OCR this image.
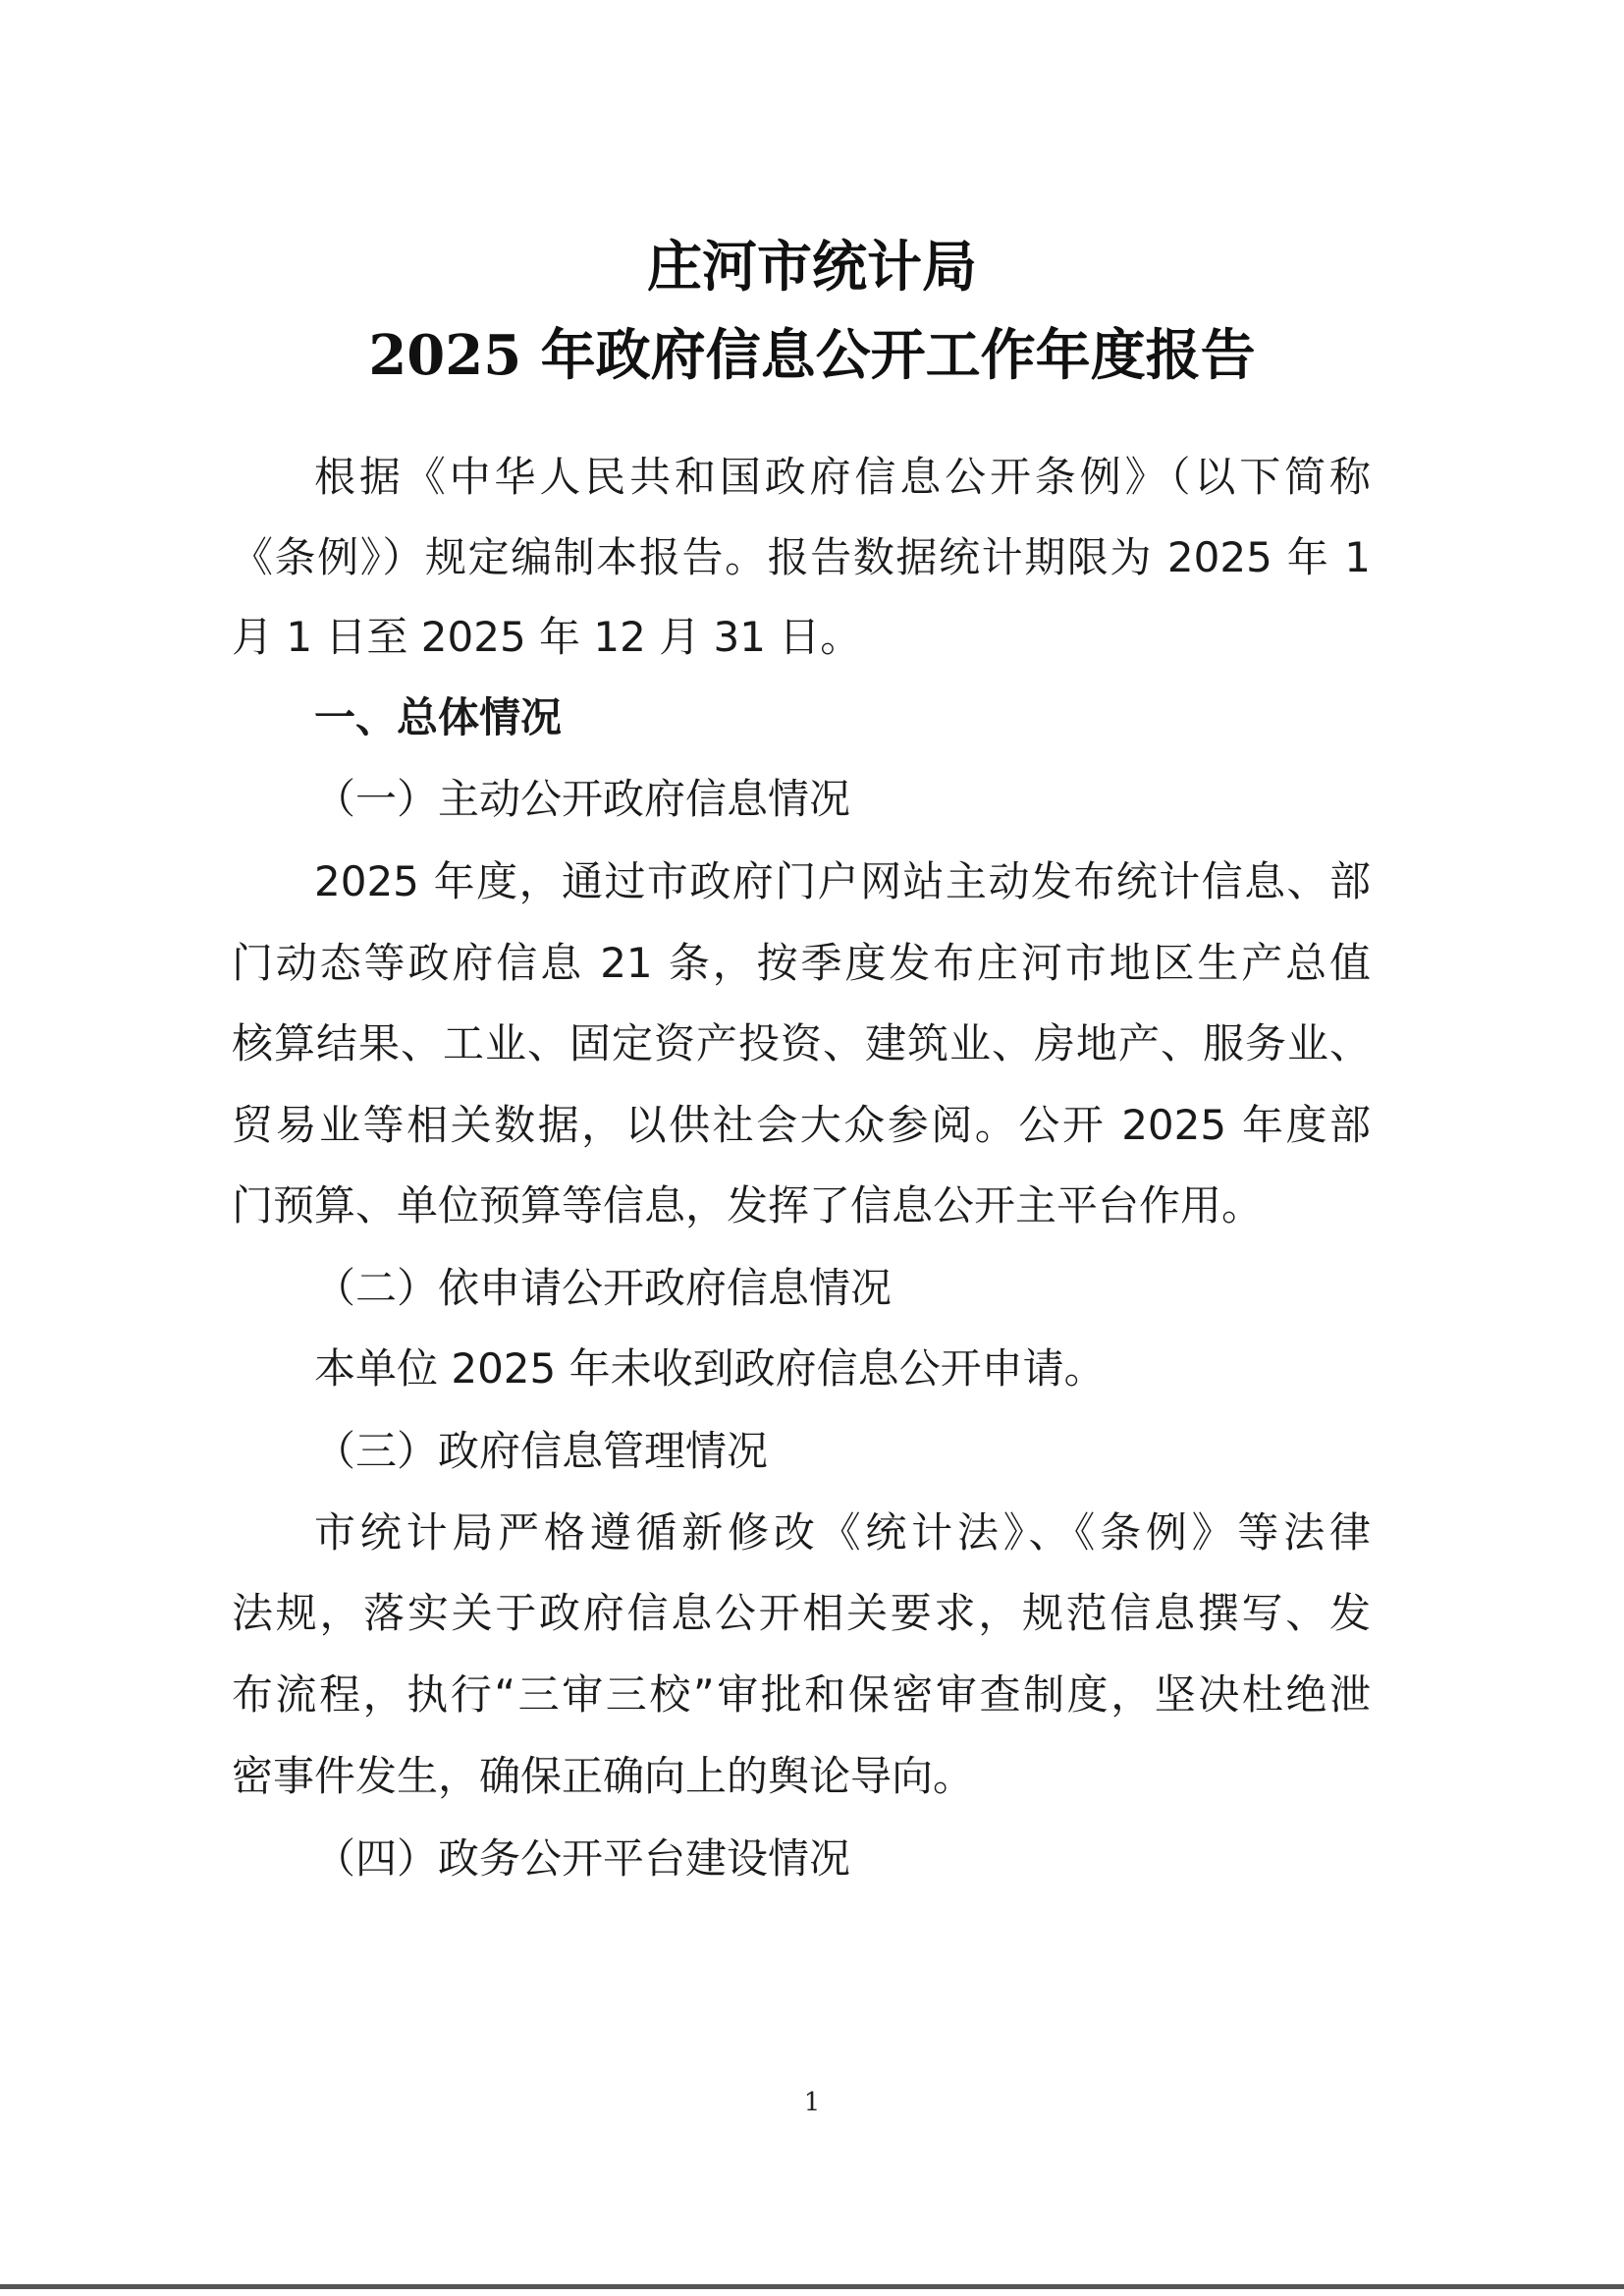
庄河市统计局
2025 年政府信息公开工作年度报告

根据《中华人民共和国政府信息公开条例》（以下简称

《条例》）规定编制本报告。报告数据统计期限为 2025 年 1

月 1 日至 2025 年 12 月 31 日。

一、总体情况

（一）主动公开政府信息情况

2025 年度，通过市政府门户网站主动发布统计信息、部

门动态等政府信息 21 条，按季度发布庄河市地区生产总值

核算结果、工业、固定资产投资、建筑业、房地产、服务业、

贸易业等相关数据，以供社会大众参阅。公开 2025 年度部

门预算、单位预算等信息，发挥了信息公开主平台作用。

（二）依申请公开政府信息情况

本单位 2025 年未收到政府信息公开申请。

（三）政府信息管理情况

市统计局严格遵循新修改《统计法》、《条例》等法律

法规，落实关于政府信息公开相关要求，规范信息撰写、发

布流程，执行“三审三校”审批和保密审查制度，坚决杜绝泄

密事件发生，确保正确向上的舆论导向。

（四）政务公开平台建设情况

1
